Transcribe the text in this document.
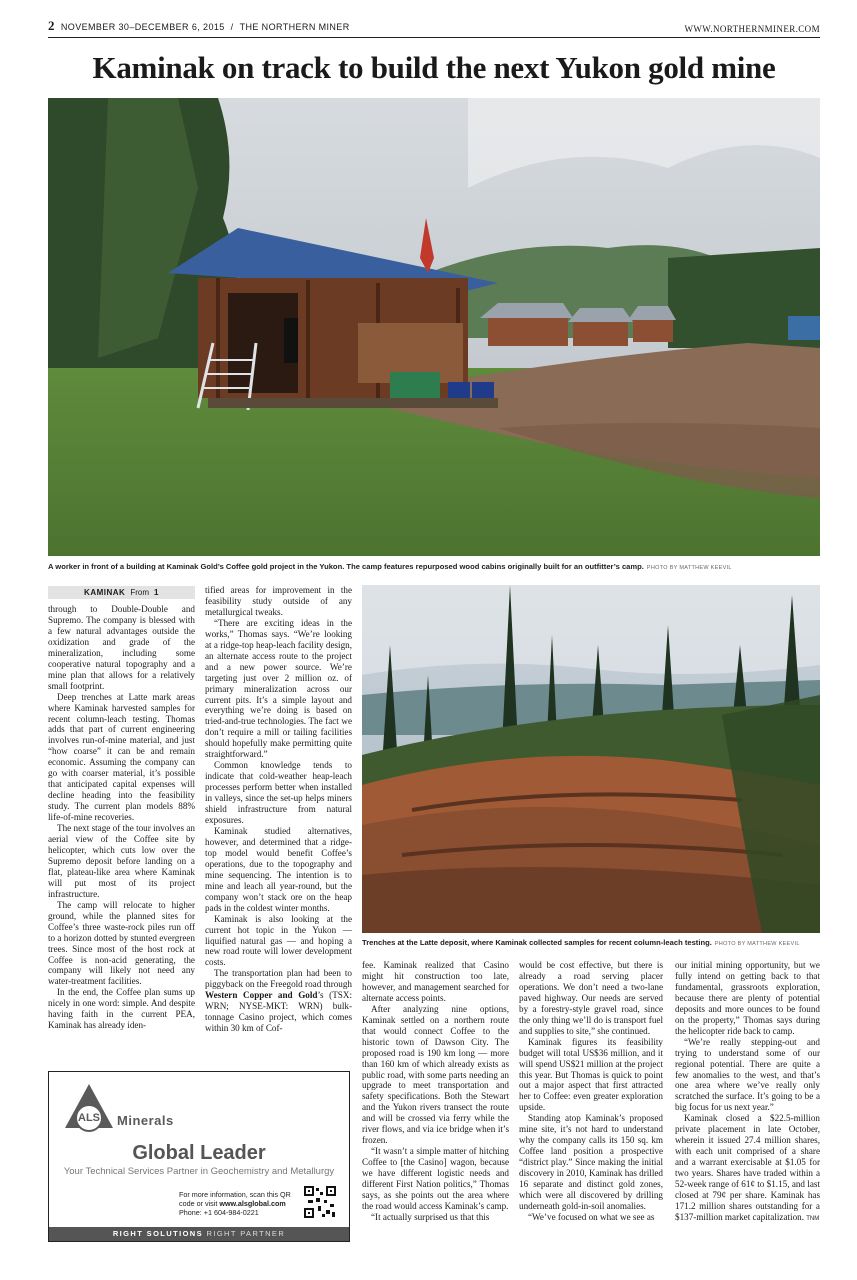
2 NOVEMBER 30–DECEMBER 6, 2015 / THE NORTHERN MINER	WWW.NORTHERNMINER.COM
Kaminak on track to build the next Yukon gold mine
A worker in front of a building at Kaminak Gold’s Coffee gold project in the Yukon. The camp features repurposed wood cabins originally built for an outfitter’s camp. PHOTO BY MATTHEW KEEVIL
KAMINAK From 1

through to Double-Double and Supremo. The company is blessed with a few natural advantages outside the oxidization and grade of the mineralization, including some cooperative natural topography and a mine plan that allows for a relatively small footprint.

Deep trenches at Latte mark areas where Kaminak harvested samples for recent column-leach testing. Thomas adds that part of current engineering involves run-of-mine material, and just “how coarse” it can be and remain economic. Assuming the company can go with coarser material, it’s possible that anticipated capital expenses will decline heading into the feasibility study. The current plan models 88% life-of-mine recoveries.

The next stage of the tour involves an aerial view of the Coffee site by helicopter, which cuts low over the Supremo deposit before landing on a flat, plateau-like area where Kaminak will put most of its project infrastructure.

The camp will relocate to higher ground, while the planned sites for Coffee’s three waste-rock piles run off to a horizon dotted by stunted evergreen trees. Since most of the host rock at Coffee is non-acid generating, the company will likely not need any water-treatment facilities.

In the end, the Coffee plan sums up nicely in one word: simple. And despite having faith in the current PEA, Kaminak has already iden-

tified areas for improvement in the feasibility study outside of any metallurgical tweaks.

“There are exciting ideas in the works,” Thomas says. “We’re looking at a ridge-top heap-leach facility design, an alternate access route to the project and a new power source. We’re targeting just over 2 million oz. of primary mineralization across our current pits. It’s a simple layout and everything we’re doing is based on tried-and-true technologies. The fact we don’t require a mill or tailing facilities should hopefully make permitting quite straightforward.”

Common knowledge tends to indicate that cold-weather heap-leach processes perform better when installed in valleys, since the set-up helps miners shield infrastructure from natural exposures.

Kaminak studied alternatives, however, and determined that a ridge-top model would benefit Coffee’s operations, due to the topography and mine sequencing. The intention is to mine and leach all year-round, but the company won’t stack ore on the heap pads in the coldest winter months.

Kaminak is also looking at the current hot topic in the Yukon — liquified natural gas — and hoping a new road route will lower development costs.

The transportation plan had been to piggyback on the Freegold road through Western Copper and Gold’s (TSX: WRN; NYSE-MKT: WRN) bulk-tonnage Casino project, which comes within 30 km of Cof-

Trenches at the Latte deposit, where Kaminak collected samples for recent column-leach testing. PHOTO BY MATTHEW KEEVIL

fee. Kaminak realized that Casino might hit construction too late, however, and management searched for alternate access points.

After analyzing nine options, Kaminak settled on a northern route that would connect Coffee to the historic town of Dawson City. The proposed road is 190 km long — more than 160 km of which already exists as public road, with some parts needing an upgrade to meet transportation and safety specifications. Both the Stewart and the Yukon rivers transect the route and will be crossed via ferry while the river flows, and via ice bridge when it’s frozen.

“It wasn’t a simple matter of hitching Coffee to [the Casino] wagon, because we have different logistic needs and different First Nation politics,” Thomas says, as she points out the area where the road would access Kaminak’s camp.

“It actually surprised us that this

would be cost effective, but there is already a road serving placer operations. We don’t need a two-lane paved highway. Our needs are served by a forestry-style gravel road, since the only thing we’ll do is transport fuel and supplies to site,” she continued.

Kaminak figures its feasibility budget will total US$36 million, and it will spend US$21 million at the project this year. But Thomas is quick to point out a major aspect that first attracted her to Coffee: even greater exploration upside.

Standing atop Kaminak’s proposed mine site, it’s not hard to understand why the company calls its 150 sq. km Coffee land position a prospective “district play.” Since making the initial discovery in 2010, Kaminak has drilled 16 separate and distinct gold zones, which were all discovered by drilling underneath gold-in-soil anomalies.

“We’ve focused on what we see as

our initial mining opportunity, but we fully intend on getting back to that fundamental, grassroots exploration, because there are plenty of potential deposits and more ounces to be found on the property,” Thomas says during the helicopter ride back to camp.

“We’re really stepping-out and trying to understand some of our regional potential. There are quite a few anomalies to the west, and that’s one area where we’ve really only scratched the surface. It’s going to be a big focus for us next year.”

Kaminak closed a $22.5-million private placement in late October, wherein it issued 27.4 million shares, with each unit comprised of a share and a warrant exercisable at $1.05 for two years. Shares have traded within a 52-week range of 61¢ to $1.15, and last closed at 79¢ per share. Kaminak has 171.2 million shares outstanding for a $137-million market capitalization. TNM

ALS	Minerals
Global Leader
Your Technical Services Partner in Geochemistry and Metallurgy
For more information, scan this QR
code or visit www.alsglobal.com
Phone: +1 604-984-0221
RIGHT SOLUTIONS RIGHT PARTNER
